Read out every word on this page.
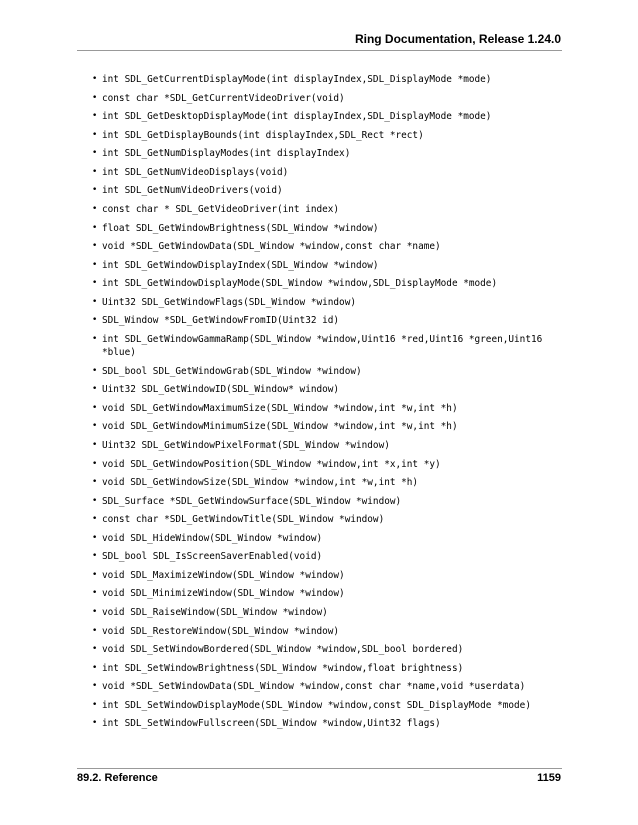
Ring Documentation, Release 1.24.0
• int SDL_GetCurrentDisplayMode(int displayIndex,SDL_DisplayMode *mode)
• const char *SDL_GetCurrentVideoDriver(void)
• int SDL_GetDesktopDisplayMode(int displayIndex,SDL_DisplayMode *mode)
• int SDL_GetDisplayBounds(int displayIndex,SDL_Rect *rect)
• int SDL_GetNumDisplayModes(int displayIndex)
• int SDL_GetNumVideoDisplays(void)
• int SDL_GetNumVideoDrivers(void)
• const char * SDL_GetVideoDriver(int index)
• float SDL_GetWindowBrightness(SDL_Window *window)
• void *SDL_GetWindowData(SDL_Window *window,const char *name)
• int SDL_GetWindowDisplayIndex(SDL_Window *window)
• int SDL_GetWindowDisplayMode(SDL_Window *window,SDL_DisplayMode *mode)
• Uint32 SDL_GetWindowFlags(SDL_Window *window)
• SDL_Window *SDL_GetWindowFromID(Uint32 id)
• int SDL_GetWindowGammaRamp(SDL_Window *window,Uint16 *red,Uint16 *green,Uint16 *blue)
• SDL_bool SDL_GetWindowGrab(SDL_Window *window)
• Uint32 SDL_GetWindowID(SDL_Window* window)
• void SDL_GetWindowMaximumSize(SDL_Window *window,int *w,int *h)
• void SDL_GetWindowMinimumSize(SDL_Window *window,int *w,int *h)
• Uint32 SDL_GetWindowPixelFormat(SDL_Window *window)
• void SDL_GetWindowPosition(SDL_Window *window,int *x,int *y)
• void SDL_GetWindowSize(SDL_Window *window,int *w,int *h)
• SDL_Surface *SDL_GetWindowSurface(SDL_Window *window)
• const char *SDL_GetWindowTitle(SDL_Window *window)
• void SDL_HideWindow(SDL_Window *window)
• SDL_bool SDL_IsScreenSaverEnabled(void)
• void SDL_MaximizeWindow(SDL_Window *window)
• void SDL_MinimizeWindow(SDL_Window *window)
• void SDL_RaiseWindow(SDL_Window *window)
• void SDL_RestoreWindow(SDL_Window *window)
• void SDL_SetWindowBordered(SDL_Window *window,SDL_bool bordered)
• int SDL_SetWindowBrightness(SDL_Window *window,float brightness)
• void *SDL_SetWindowData(SDL_Window *window,const char *name,void *userdata)
• int SDL_SetWindowDisplayMode(SDL_Window *window,const SDL_DisplayMode *mode)
• int SDL_SetWindowFullscreen(SDL_Window *window,Uint32 flags)
89.2. Reference	1159
